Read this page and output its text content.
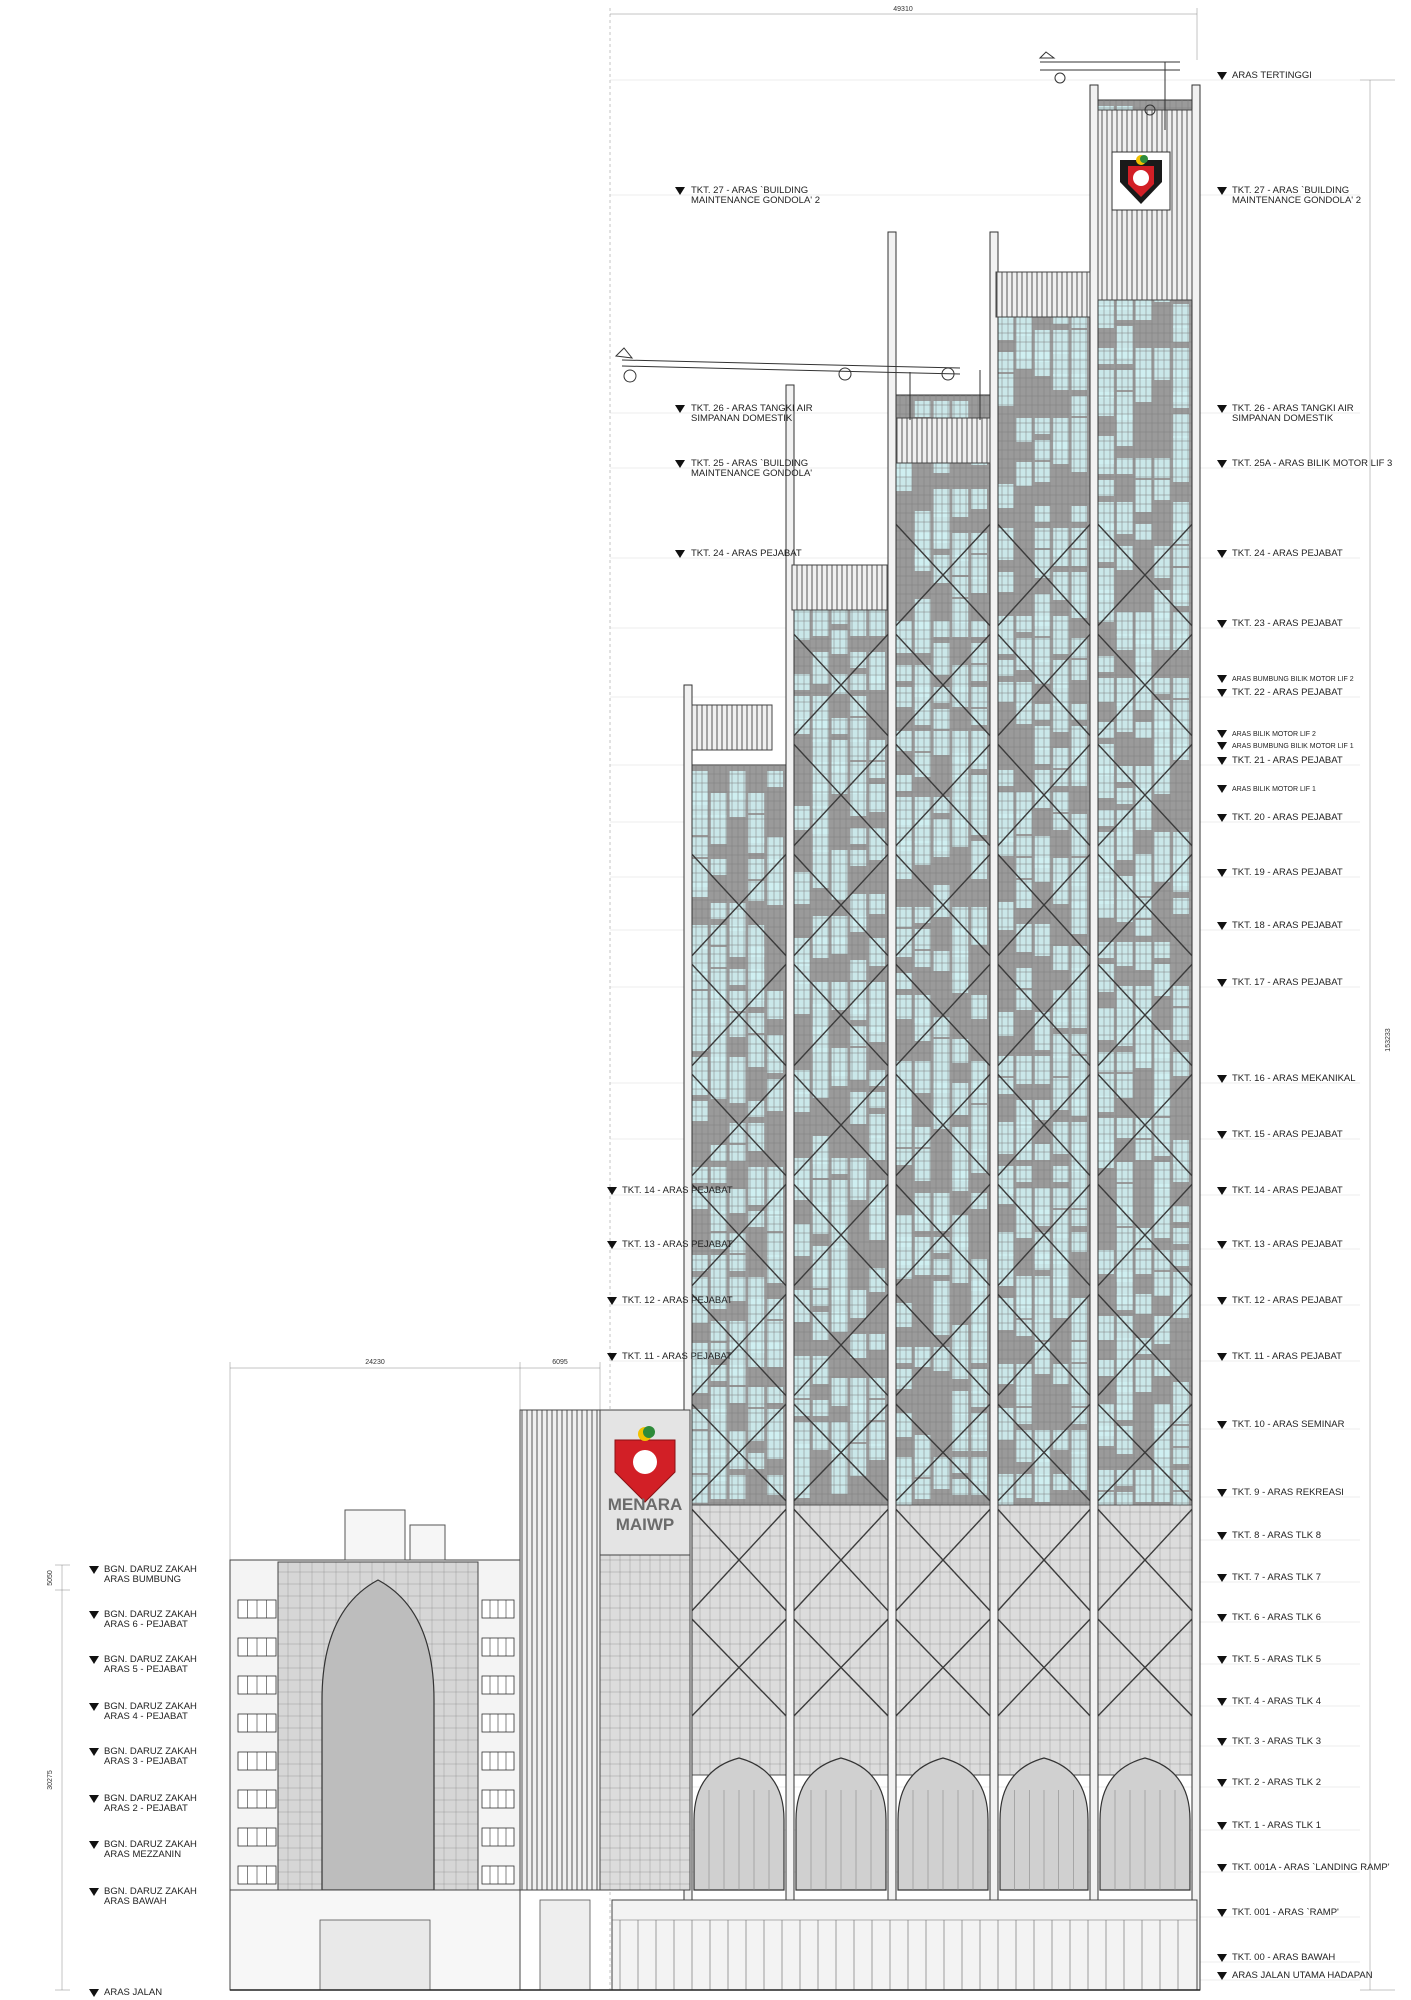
49310
153233
24230	6095
30275
5050
MENARA
MAIWP
ARAS TERTINGGI
TKT. 27 - ARAS `BUILDING
MAINTENANCE GONDOLA' 2
TKT. 26 - ARAS TANGKI AIR
SIMPANAN DOMESTIK
TKT. 25A - ARAS BILIK MOTOR LIF 3
TKT. 24 - ARAS PEJABAT
TKT. 23 - ARAS PEJABAT
TKT. 22 - ARAS PEJABAT
TKT. 21 - ARAS PEJABAT
TKT. 20 - ARAS PEJABAT
TKT. 19 - ARAS PEJABAT
TKT. 18 - ARAS PEJABAT
TKT. 17 - ARAS PEJABAT
TKT. 16 - ARAS MEKANIKAL
TKT. 15 - ARAS PEJABAT
TKT. 14 - ARAS PEJABAT
TKT. 13 - ARAS PEJABAT
TKT. 12 - ARAS PEJABAT
TKT. 11 - ARAS PEJABAT
TKT. 10 - ARAS SEMINAR
TKT. 9 - ARAS REKREASI
TKT. 8 - ARAS TLK 8
TKT. 7 - ARAS TLK 7
TKT. 6 - ARAS TLK 6
TKT. 5 - ARAS TLK 5
TKT. 4 - ARAS TLK 4
TKT. 3 - ARAS TLK 3
TKT. 2 - ARAS TLK 2
TKT. 1 - ARAS TLK 1
TKT. 001A - ARAS `LANDING RAMP'
TKT. 001 - ARAS `RAMP'
TKT. 00 - ARAS BAWAH
ARAS JALAN UTAMA HADAPAN
ARAS BUMBUNG BILIK MOTOR LIF 2
ARAS BILIK MOTOR LIF 2
ARAS BUMBUNG BILIK MOTOR LIF 1
ARAS BILIK MOTOR LIF 1
TKT. 27 - ARAS `BUILDING
MAINTENANCE GONDOLA' 2
TKT. 26 - ARAS TANGKI AIR
SIMPANAN DOMESTIK
TKT. 25 - ARAS `BUILDING
MAINTENANCE GONDOLA'
TKT. 24 - ARAS PEJABAT
TKT. 14 - ARAS PEJABAT
TKT. 13 - ARAS PEJABAT
TKT. 12 - ARAS PEJABAT
TKT. 11 - ARAS PEJABAT
BGN. DARUZ ZAKAH
ARAS BUMBUNG
BGN. DARUZ ZAKAH
ARAS 6 - PEJABAT
BGN. DARUZ ZAKAH
ARAS 5 - PEJABAT
BGN. DARUZ ZAKAH
ARAS 4 - PEJABAT
BGN. DARUZ ZAKAH
ARAS 3 - PEJABAT
BGN. DARUZ ZAKAH
ARAS 2 - PEJABAT
BGN. DARUZ ZAKAH
ARAS MEZZANIN
BGN. DARUZ ZAKAH
ARAS BAWAH
ARAS JALAN
